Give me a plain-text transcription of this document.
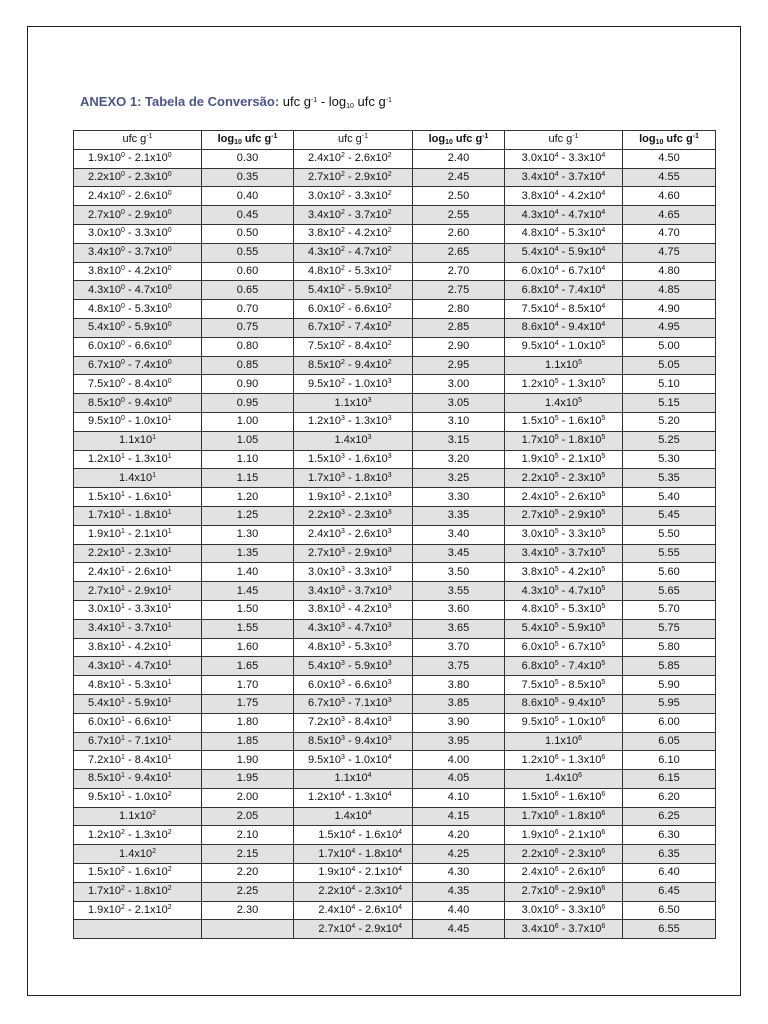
ANEXO 1: Tabela de Conversão: ufc $g^{-1} - \log_{10}$ ufc $g^{-1}$
ufc $g^{-1}$	$\log_{10}$ ufc $g^{-1}$	ufc $g^{-1}$	$\log_{10}$ ufc $g^{-1}$	ufc $g^{-1}$	$\log_{10}$ ufc $g^{-1}$
$1.9x10^0 - 2.1x10^0$	0.30	$2.4x10^2 - 2.6x10^2$	2.40	$3.0x10^4 - 3.3x10^4$	4.50
$2.2x10^0 - 2.3x10^0$	0.35	$2.7x10^2 - 2.9x10^2$	2.45	$3.4x10^4 - 3.7x10^4$	4.55
$2.4x10^0 - 2.6x10^0$	0.40	$3.0x10^2 - 3.3x10^2$	2.50	$3.8x10^4 - 4.2x10^4$	4.60
$2.7x10^0 - 2.9x10^0$	0.45	$3.4x10^2 - 3.7x10^2$	2.55	$4.3x10^4 - 4.7x10^4$	4.65
$3.0x10^0 - 3.3x10^0$	0.50	$3.8x10^2 - 4.2x10^2$	2.60	$4.8x10^4 - 5.3x10^4$	4.70
$3.4x10^0 - 3.7x10^0$	0.55	$4.3x10^2 - 4.7x10^2$	2.65	$5.4x10^4 - 5.9x10^4$	4.75
$3.8x10^0 - 4.2x10^0$	0.60	$4.8x10^2 - 5.3x10^2$	2.70	$6.0x10^4 - 6.7x10^4$	4.80
$4.3x10^0 - 4.7x10^0$	0.65	$5.4x10^2 - 5.9x10^2$	2.75	$6.8x10^4 - 7.4x10^4$	4.85
$4.8x10^0 - 5.3x10^0$	0.70	$6.0x10^2 - 6.6x10^2$	2.80	$7.5x10^4 - 8.5x10^4$	4.90
$5.4x10^0 - 5.9x10^0$	0.75	$6.7x10^2 - 7.4x10^2$	2.85	$8.6x10^4 - 9.4x10^4$	4.95
$6.0x10^0 - 6.6x10^0$	0.80	$7.5x10^2 - 8.4x10^2$	2.90	$9.5x10^4 - 1.0x10^5$	5.00
$6.7x10^0 - 7.4x10^0$	0.85	$8.5x10^2 - 9.4x10^2$	2.95	$1.1x10^5$	5.05
$7.5x10^0 - 8.4x10^0$	0.90	$9.5x10^2 - 1.0x10^3$	3.00	$1.2x10^5 - 1.3x10^5$	5.10
$8.5x10^0 - 9.4x10^0$	0.95	$1.1x10^3$	3.05	$1.4x10^5$	5.15
$9.5x10^0 - 1.0x10^1$	1.00	$1.2x10^3 - 1.3x10^3$	3.10	$1.5x10^5 - 1.6x10^5$	5.20
$1.1x10^1$	1.05	$1.4x10^3$	3.15	$1.7x10^5 - 1.8x10^5$	5.25
$1.2x10^1 - 1.3x10^1$	1.10	$1.5x10^3 - 1.6x10^3$	3.20	$1.9x10^5 - 2.1x10^5$	5.30
$1.4x10^1$	1.15	$1.7x10^3 - 1.8x10^3$	3.25	$2.2x10^5 - 2.3x10^5$	5.35
$1.5x10^1 - 1.6x10^1$	1.20	$1.9x10^3 - 2.1x10^3$	3.30	$2.4x10^5 - 2.6x10^5$	5.40
$1.7x10^1 - 1.8x10^1$	1.25	$2.2x10^3 - 2.3x10^3$	3.35	$2.7x10^5 - 2.9x10^5$	5.45
$1.9x10^1 - 2.1x10^1$	1.30	$2.4x10^3 - 2.6x10^3$	3.40	$3.0x10^5 - 3.3x10^5$	5.50
$2.2x10^1 - 2.3x10^1$	1.35	$2.7x10^3 - 2.9x10^3$	3.45	$3.4x10^5 - 3.7x10^5$	5.55
$2.4x10^1 - 2.6x10^1$	1.40	$3.0x10^3 - 3.3x10^3$	3.50	$3.8x10^5 - 4.2x10^5$	5.60
$2.7x10^1 - 2.9x10^1$	1.45	$3.4x10^3 - 3.7x10^3$	3.55	$4.3x10^5 - 4.7x10^5$	5.65
$3.0x10^1 - 3.3x10^1$	1.50	$3.8x10^3 - 4.2x10^3$	3.60	$4.8x10^5 - 5.3x10^5$	5.70
$3.4x10^1 - 3.7x10^1$	1.55	$4.3x10^3 - 4.7x10^3$	3.65	$5.4x10^5 - 5.9x10^5$	5.75
$3.8x10^1 - 4.2x10^1$	1.60	$4.8x10^3 - 5.3x10^3$	3.70	$6.0x10^5 - 6.7x10^5$	5.80
$4.3x10^1 - 4.7x10^1$	1.65	$5.4x10^3 - 5.9x10^3$	3.75	$6.8x10^5 - 7.4x10^5$	5.85
$4.8x10^1 - 5.3x10^1$	1.70	$6.0x10^3 - 6.6x10^3$	3.80	$7.5x10^5 - 8.5x10^5$	5.90
$5.4x10^1 - 5.9x10^1$	1.75	$6.7x10^3 - 7.1x10^3$	3.85	$8.6x10^5 - 9.4x10^5$	5.95
$6.0x10^1 - 6.6x10^1$	1.80	$7.2x10^3 - 8.4x10^3$	3.90	$9.5x10^5 - 1.0x10^6$	6.00
$6.7x10^1 - 7.1x10^1$	1.85	$8.5x10^3 - 9.4x10^3$	3.95	$1.1x10^6$	6.05
$7.2x10^1 - 8.4x10^1$	1.90	$9.5x10^3 - 1.0x10^4$	4.00	$1.2x10^6 - 1.3x10^6$	6.10
$8.5x10^1 - 9.4x10^1$	1.95	$1.1x10^4$	4.05	$1.4x10^6$	6.15
$9.5x10^1 - 1.0x10^2$	2.00	$1.2x10^4 - 1.3x10^4$	4.10	$1.5x10^6 - 1.6x10^6$	6.20
$1.1x10^2$	2.05	$1.4x10^4$	4.15	$1.7x10^6 - 1.8x10^6$	6.25
$1.2x10^2 - 1.3x10^2$	2.10	$1.5x10^4 - 1.6x10^4$	4.20	$1.9x10^6 - 2.1x10^6$	6.30
$1.4x10^2$	2.15	$1.7x10^4 - 1.8x10^4$	4.25	$2.2x10^6 - 2.3x10^6$	6.35
$1.5x10^2 - 1.6x10^2$	2.20	$1.9x10^4 - 2.1x10^4$	4.30	$2.4x10^6 - 2.6x10^6$	6.40
$1.7x10^2 - 1.8x10^2$	2.25	$2.2x10^4 - 2.3x10^4$	4.35	$2.7x10^6 - 2.9x10^6$	6.45
$1.9x10^2 - 2.1x10^2$	2.30	$2.4x10^4 - 2.6x10^4$	4.40	$3.0x10^6 - 3.3x10^6$	6.50
		$2.7x10^4 - 2.9x10^4$	4.45	$3.4x10^6 - 3.7x10^6$	6.55
